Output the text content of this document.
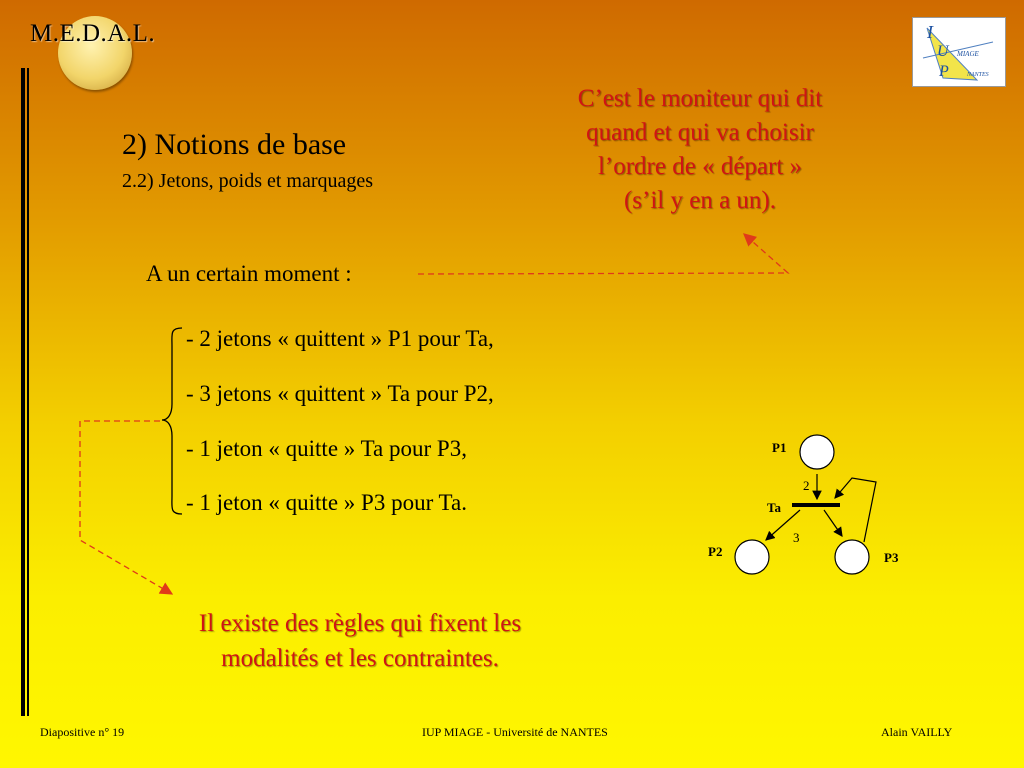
M.E.D.A.L.	I
U
P
MIAGE
NANTES
2) Notions de base
2.2) Jetons, poids et marquages
C’est le moniteur qui dit
quand et qui va choisir
l’ordre de « départ »
(s’il y en a un).
A un certain moment :
- 2 jetons « quittent » P1 pour Ta,
- 3 jetons « quittent » Ta pour P2,
- 1 jeton « quitte » Ta pour P3,
- 1 jeton « quitte » P3 pour Ta.
Il existe des règles qui fixent les
modalités et les contraintes.
P1
P2	P3
Ta
2
3
Diapositive n° 19	IUP MIAGE - Université de NANTES	Alain VAILLY
